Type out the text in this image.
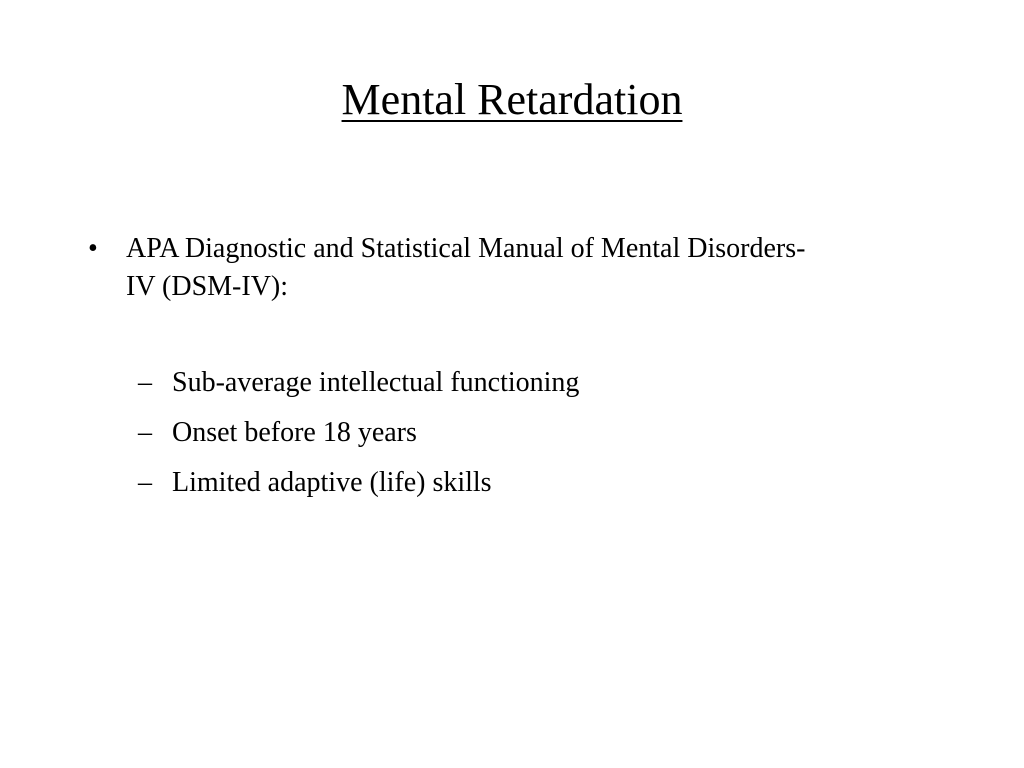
Mental Retardation
•	APA Diagnostic and Statistical Manual of Mental Disorders-IV (DSM-IV):
– Sub-average intellectual functioning
– Onset before 18 years
– Limited adaptive (life) skills
